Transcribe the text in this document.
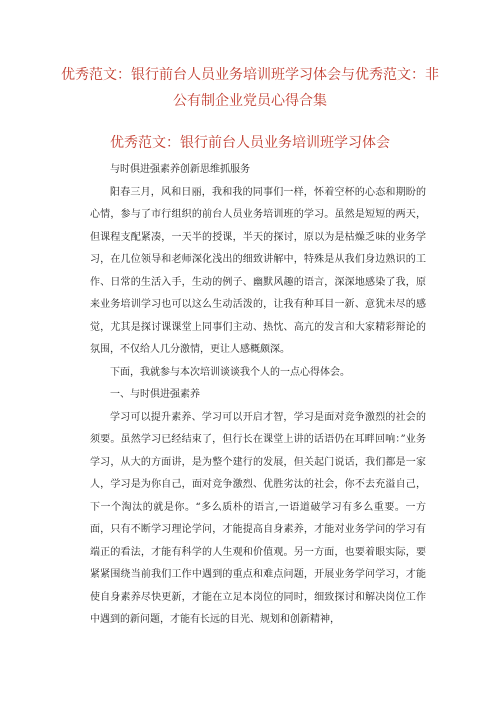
优秀范文：银行前台人员业务培训班学习体会与优秀范文：非公有制企业党员心得合集
优秀范文：银行前台人员业务培训班学习体会

与时俱进强素养创新思维抓服务

阳春三月，风和日丽，我和我的同事们一样，怀着空杯的心态和期盼的心情，参与了市行组织的前台人员业务培训班的学习。虽然是短短的两天，但课程支配紧凑，一天半的授课，半天的探讨，原以为是枯燥乏味的业务学习，在几位领导和老师深化浅出的细致讲解中，特殊是从我们身边熟识的工作、日常的生活入手，生动的例子、幽默风趣的语言，深深地感染了我，原来业务培训学习也可以这么生动活泼的，让我有种耳目一新、意犹未尽的感觉，尤其是探讨课课堂上同事们主动、热忱、高亢的发言和大家精彩辩论的氛围，不仅给人几分激情，更让人感概颇深。

下面，我就参与本次培训谈谈我个人的一点心得体会。

一、与时俱进强素养

学习可以提升素养、学习可以开启才智，学习是面对竞争激烈的社会的须要。虽然学习已经结束了，但行长在课堂上讲的话语仍在耳畔回响：”业务学习，从大的方面讲，是为整个建行的发展，但关起门说话，我们都是一家人，学习是为你自己，面对竞争激烈、优胜劣汰的社会，你不去充溢自己，下一个淘汰的就是你。“多么质朴的语言,一语道破学习有多么重要。一方面，只有不断学习理论学问，才能提高自身素养，才能对业务学问的学习有端正的看法，才能有科学的人生观和价值观。另一方面，也要着眼实际，要紧紧围绕当前我们工作中遇到的重点和难点问题，开展业务学问学习，才能使自身素养尽快更新，才能在立足本岗位的同时，细致探讨和解决岗位工作中遇到的新问题，才能有长远的目光、规划和创新精神，
